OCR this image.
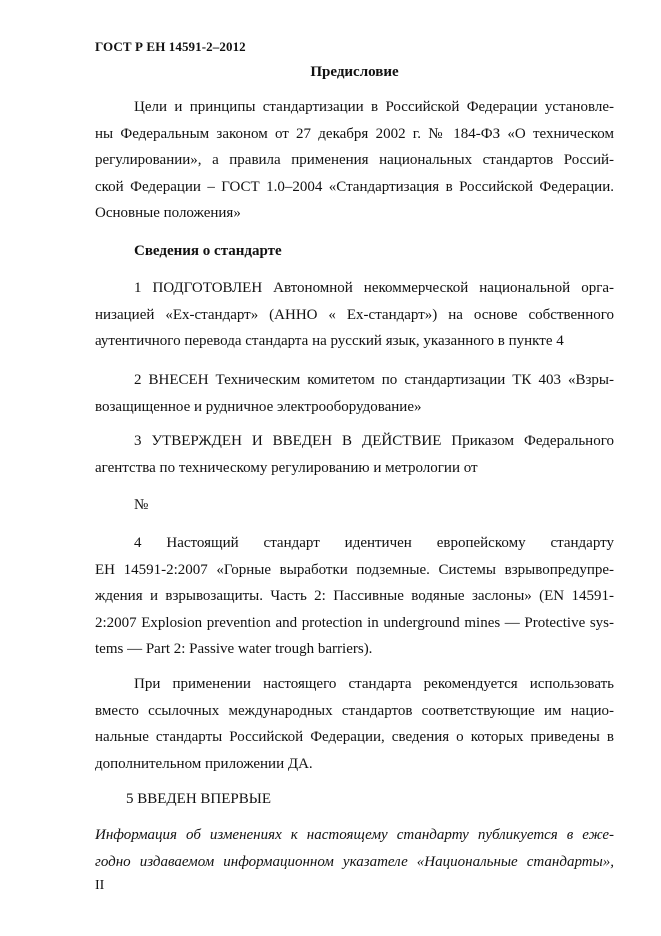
ГОСТ Р ЕН 14591-2–2012
Предисловие
Цели и принципы стандартизации в Российской Федерации установле-
ны Федеральным законом от 27 декабря 2002 г. № 184-ФЗ «О техническом
регулировании», а правила применения национальных стандартов Россий-
ской Федерации – ГОСТ 1.0–2004 «Стандартизация в Российской Федерации.
Основные положения»
Сведения о стандарте
1 ПОДГОТОВЛЕН Автономной некоммерческой национальной орга-
низацией «Ех-стандарт» (АННО « Ех-стандарт») на основе собственного
аутентичного перевода стандарта на русский язык, указанного в пункте 4
2 ВНЕСЕН Техническим комитетом по стандартизации ТК 403 «Взры-
возащищенное и рудничное электрооборудование»
3 УТВЕРЖДЕН И ВВЕДЕН В ДЕЙСТВИЕ Приказом Федерального
агентства по техническому регулированию и метрологии от
№
4 Настоящий стандарт идентичен европейскому стандарту
ЕН 14591-2:2007 «Горные выработки подземные. Системы взрывопредупре-
ждения и взрывозащиты. Часть 2: Пассивные водяные заслоны» (EN 14591-
2:2007 Explosion prevention and protection in underground mines — Protective sys-
tems — Part 2: Passive water trough barriers).
При применении настоящего стандарта рекомендуется использовать
вместо ссылочных международных стандартов соответствующие им нацио-
нальные стандарты Российской Федерации, сведения о которых приведены в
дополнительном приложении ДА.
5 ВВЕДЕН ВПЕРВЫЕ
Информация об изменениях к настоящему стандарту публикуется в еже-
годно издаваемом информационном указателе «Национальные стандарты»,
II
